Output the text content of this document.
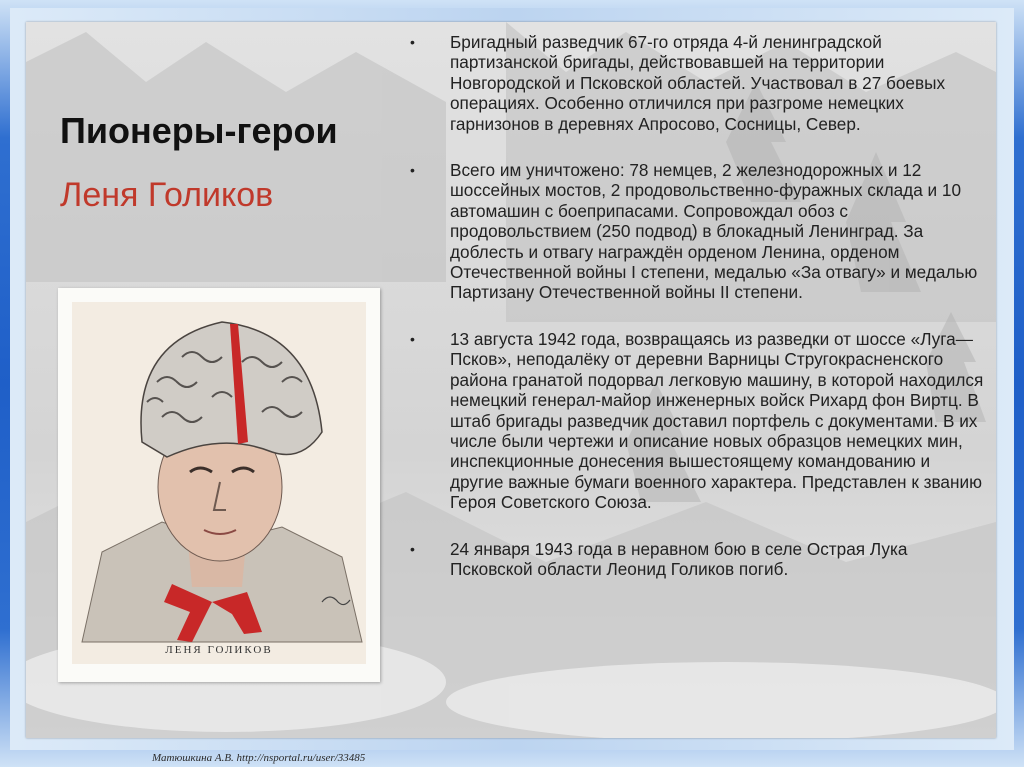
Пионеры-герои
Леня Голиков
ЛЕНЯ ГОЛИКОВ
• Бригадный разведчик 67-го отряда 4-й ленинградской партизанской бригады, действовавшей на территории Новгородской и Псковской областей. Участвовал в 27 боевых операциях. Особенно отличился при разгроме немецких гарнизонов в деревнях Апросово, Сосницы, Север.
• Всего им уничтожено: 78 немцев, 2 железнодорожных и 12 шоссейных мостов, 2 продовольственно-фуражных склада и 10 автомашин с боеприпасами. Сопровождал обоз с продовольствием (250 подвод) в блокадный Ленинград. За доблесть и отвагу награждён орденом Ленина, орденом Отечественной войны I степени, медалью «За отвагу» и медалью Партизану Отечественной войны II степени.
• 13 августа 1942 года, возвращаясь из разведки от шоссе «Луга—Псков», неподалёку от деревни Варницы Стругокрасненского района гранатой подорвал легковую машину, в которой находился немецкий генерал-майор инженерных войск Рихард фон Виртц. В штаб бригады разведчик доставил портфель с документами. В их числе были чертежи и описание новых образцов немецких мин, инспекционные донесения вышестоящему командованию и другие важные бумаги военного характера. Представлен к званию Героя Советского Союза.
• 24 января 1943 года в неравном бою в селе Острая Лука Псковской области Леонид Голиков погиб.
Матюшкина А.В. http://nsportal.ru/user/33485
